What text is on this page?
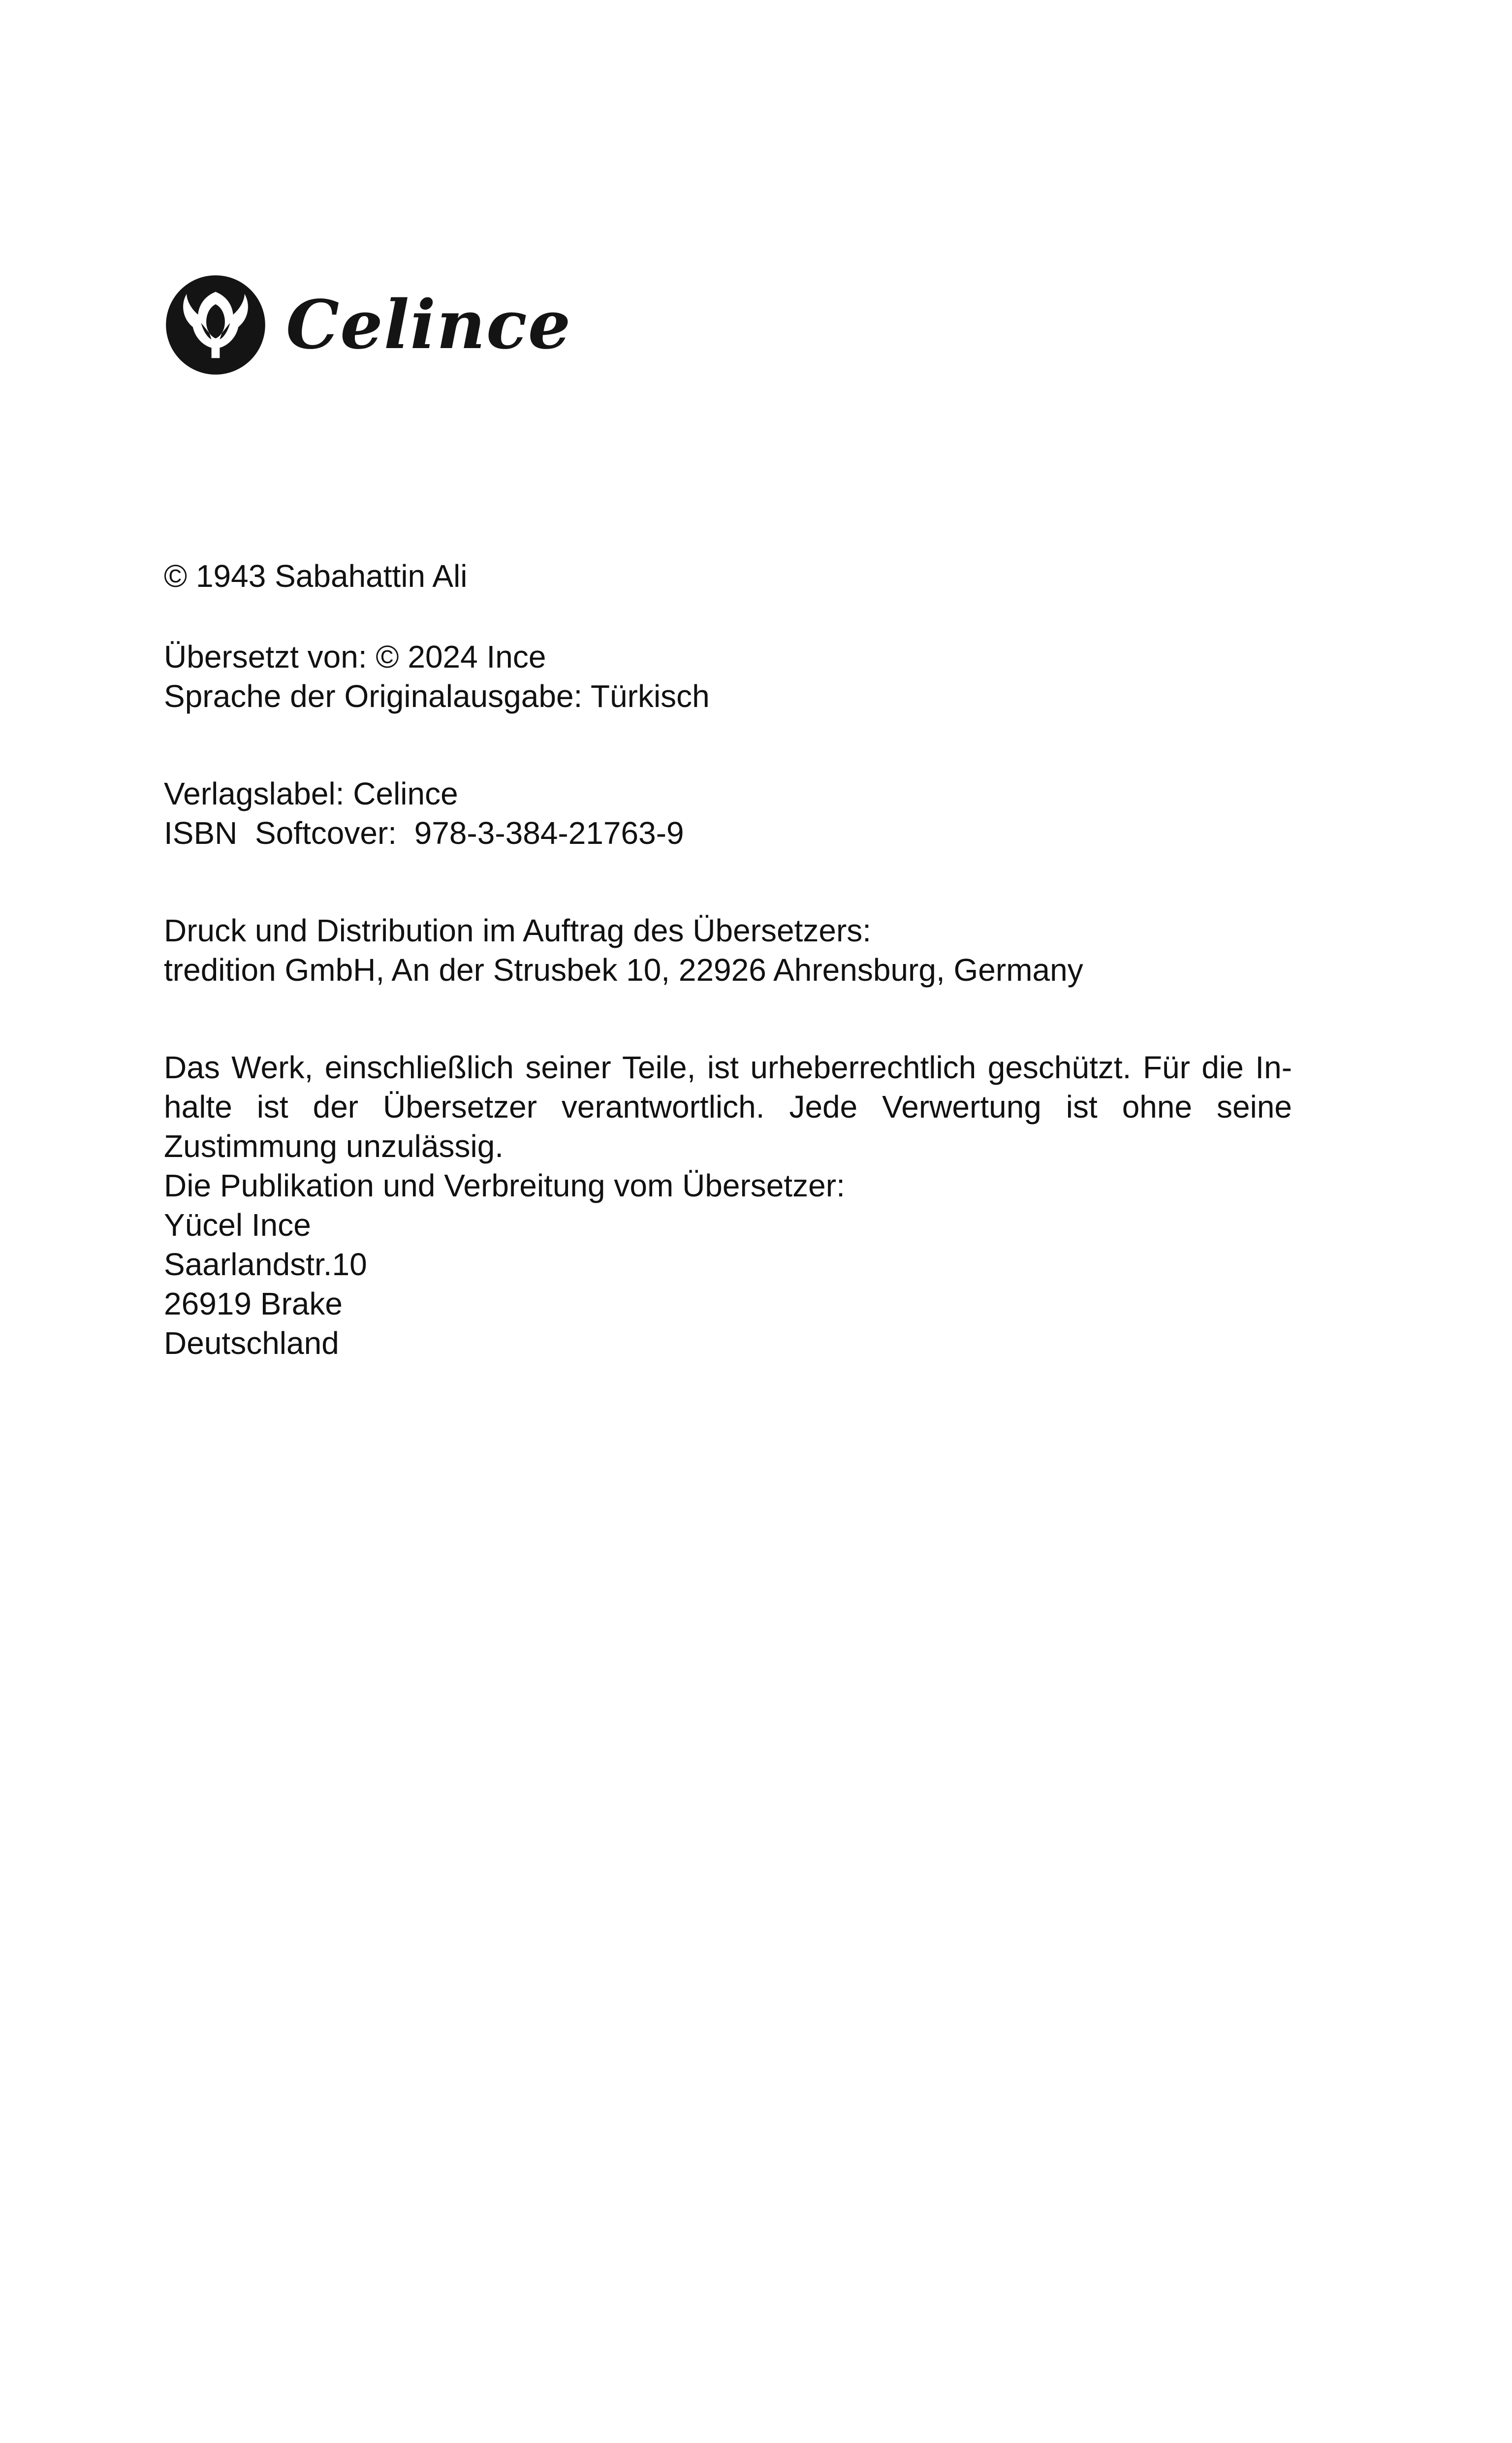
Celince

© 1943 Sabahattin Ali

Übersetzt von: © 2024 Ince
Sprache der Originalausgabe: Türkisch

Verlagslabel: Celince
ISBN  Softcover:  978-3-384-21763-9

Druck und Distribution im Auftrag des Übersetzers:
tredition GmbH, An der Strusbek 10, 22926 Ahrensburg, Germany

Das Werk, einschließlich seiner Teile, ist urheberrechtlich geschützt. Für die In-
halte ist der Übersetzer verantwortlich. Jede Verwertung ist ohne seine
Zustimmung unzulässig.
Die Publikation und Verbreitung vom Übersetzer:
Yücel Ince
Saarlandstr.10
26919 Brake
Deutschland
